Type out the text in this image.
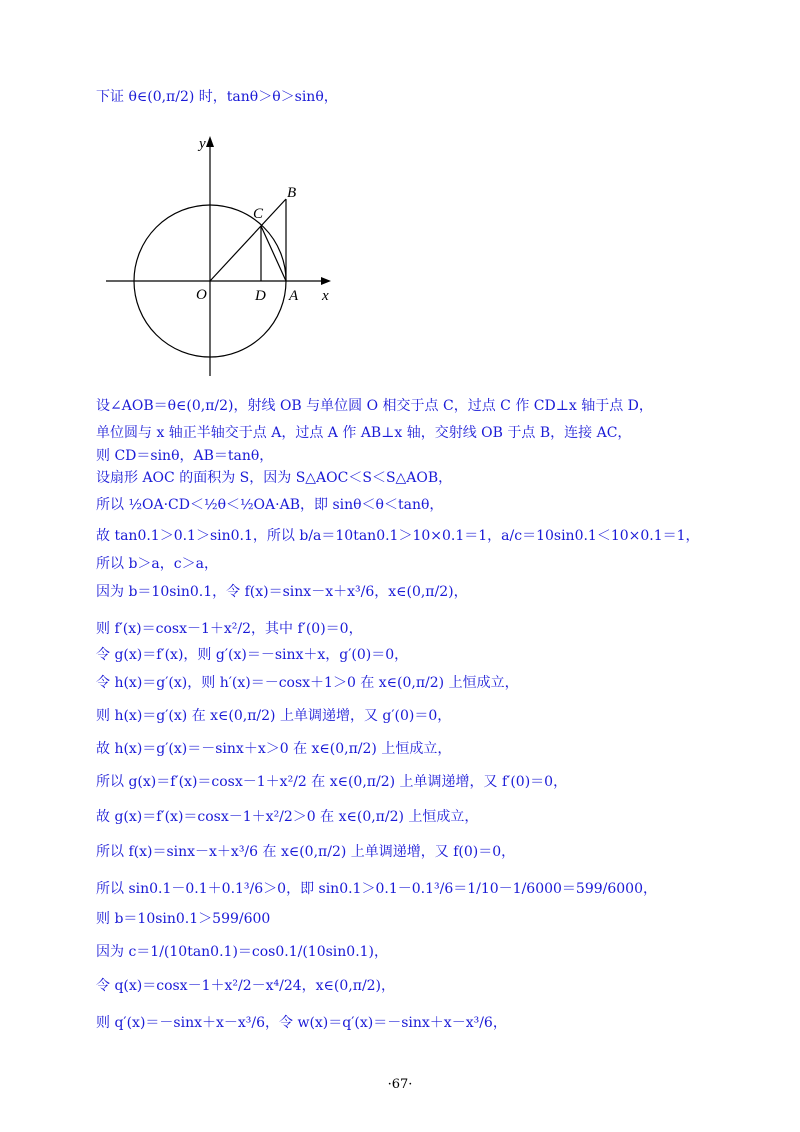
下证 θ∈(0,π/2) 时，tanθ＞θ＞sinθ，
y
x
O	D A
B
C
设∠AOB＝θ∈(0,π/2)，射线 OB 与单位圆 O 相交于点 C，过点 C 作 CD⊥x 轴于点 D，
单位圆与 x 轴正半轴交于点 A，过点 A 作 AB⊥x 轴，交射线 OB 于点 B，连接 AC，
则 CD＝sinθ，AB＝tanθ，
设扇形 AOC 的面积为 S，因为 S△AOC＜S＜S△AOB，
所以 ½OA·CD＜½θ＜½OA·AB，即 sinθ＜θ＜tanθ，
故 tan0.1＞0.1＞sin0.1，所以 b/a＝10tan0.1＞10×0.1＝1，a/c＝10sin0.1＜10×0.1＝1，
所以 b＞a，c＞a，
因为 b＝10sin0.1，令 f(x)＝sinx－x＋x³/6，x∈(0,π/2)，
则 f′(x)＝cosx－1＋x²/2，其中 f′(0)＝0，
令 g(x)＝f′(x)，则 g′(x)＝－sinx＋x，g′(0)＝0，
令 h(x)＝g′(x)，则 h′(x)＝－cosx＋1＞0 在 x∈(0,π/2) 上恒成立，
则 h(x)＝g′(x) 在 x∈(0,π/2) 上单调递增，又 g′(0)＝0，
故 h(x)＝g′(x)＝－sinx＋x＞0 在 x∈(0,π/2) 上恒成立，
所以 g(x)＝f′(x)＝cosx－1＋x²/2 在 x∈(0,π/2) 上单调递增，又 f′(0)＝0，
故 g(x)＝f′(x)＝cosx－1＋x²/2＞0 在 x∈(0,π/2) 上恒成立，
所以 f(x)＝sinx－x＋x³/6 在 x∈(0,π/2) 上单调递增，又 f(0)＝0，
所以 sin0.1－0.1＋0.1³/6＞0，即 sin0.1＞0.1－0.1³/6＝1/10－1/6000＝599/6000，
则 b＝10sin0.1＞599/600
因为 c＝1/(10tan0.1)＝cos0.1/(10sin0.1)，
令 q(x)＝cosx－1＋x²/2－x⁴/24，x∈(0,π/2)，
则 q′(x)＝－sinx＋x－x³/6，令 w(x)＝q′(x)＝－sinx＋x－x³/6，
·67·
